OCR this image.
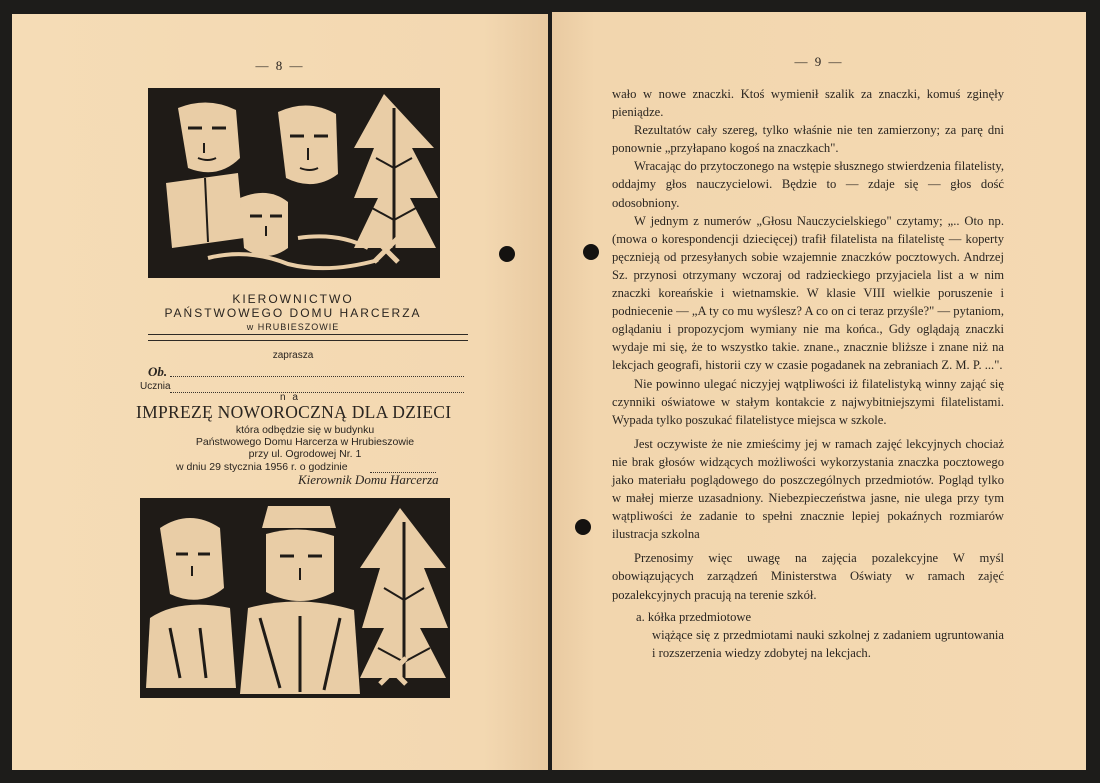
— 8 —
KIEROWNICTWO
PAŃSTWOWEGO DOMU HARCERZA
w HRUBIESZOWIE
zaprasza
Ob.
Ucznia
n a
IMPREZĘ NOWOROCZNĄ DLA DZIECI
która odbędzie się w budynku
Państwowego Domu Harcerza w Hrubieszowie
przy ul. Ogrodowej Nr. 1
w dniu 29 stycznia 1956 r. o godzinie
Kierownik Domu Harcerza
— 9 —

wało w nowe znaczki. Ktoś wymienił szalik za znaczki, komuś zginęły pieniądze.

Rezultatów cały szereg, tylko właśnie nie ten zamierzony; za parę dni ponownie „przyłapano kogoś na znaczkach".

Wracając do przytoczonego na wstępie słusznego stwierdzenia filatelisty, oddajmy głos nauczycielowi. Będzie to — zdaje się — głos dość odosobniony.

W jednym z numerów „Głosu Nauczycielskiego" czytamy; „.. Oto np. (mowa o korespondencji dziecięcej) trafił filatelista na filatelistę — koperty pęcznieją od przesyłanych sobie wzajemnie znaczków pocztowych. Andrzej Sz. przynosi otrzymany wczoraj od radzieckiego przyjaciela list a w nim znaczki koreańskie i wietnamskie. W klasie VIII wielkie poruszenie i podniecenie — „A ty co mu wyślesz? A co on ci teraz przyśle?" — pytaniom, oglądaniu i propozycjom wymiany nie ma końca., Gdy oglądają znaczki wydaje mi się, że to wszystko takie. znane., znacznie bliższe i znane niż na lekcjach geografi, historii czy w czasie pogadanek na zebraniach Z. M. P. ...".

Nie powinno ulegać niczyjej wątpliwości iż filatelistyką winny zająć się czynniki oświatowe w stałym kontakcie z najwybitniejszymi filatelistami. Wypada tylko poszukać filatelistyce miejsca w szkole.

Jest oczywiste że nie zmieścimy jej w ramach zajęć lekcyjnych chociaż nie brak głosów widzących możliwości wykorzystania znaczka pocztowego jako materiału poglądowego do poszczególnych przedmiotów. Pogląd tylko w małej mierze uzasadniony. Niebezpieczeństwa jasne, nie ulega przy tym wątpliwości że zadanie to spełni znacznie lepiej pokaźnych rozmiarów ilustracja szkolna

Przenosimy więc uwagę na zajęcia pozalekcyjne W myśl obowiązujących zarządzeń Ministerstwa Oświaty w ramach zajęć pozalekcyjnych pracują na terenie szkół.

a. kółka przedmiotowe
wiążące się z przedmiotami nauki szkolnej z zadaniem ugruntowania i rozszerzenia wiedzy zdobytej na lekcjach.
